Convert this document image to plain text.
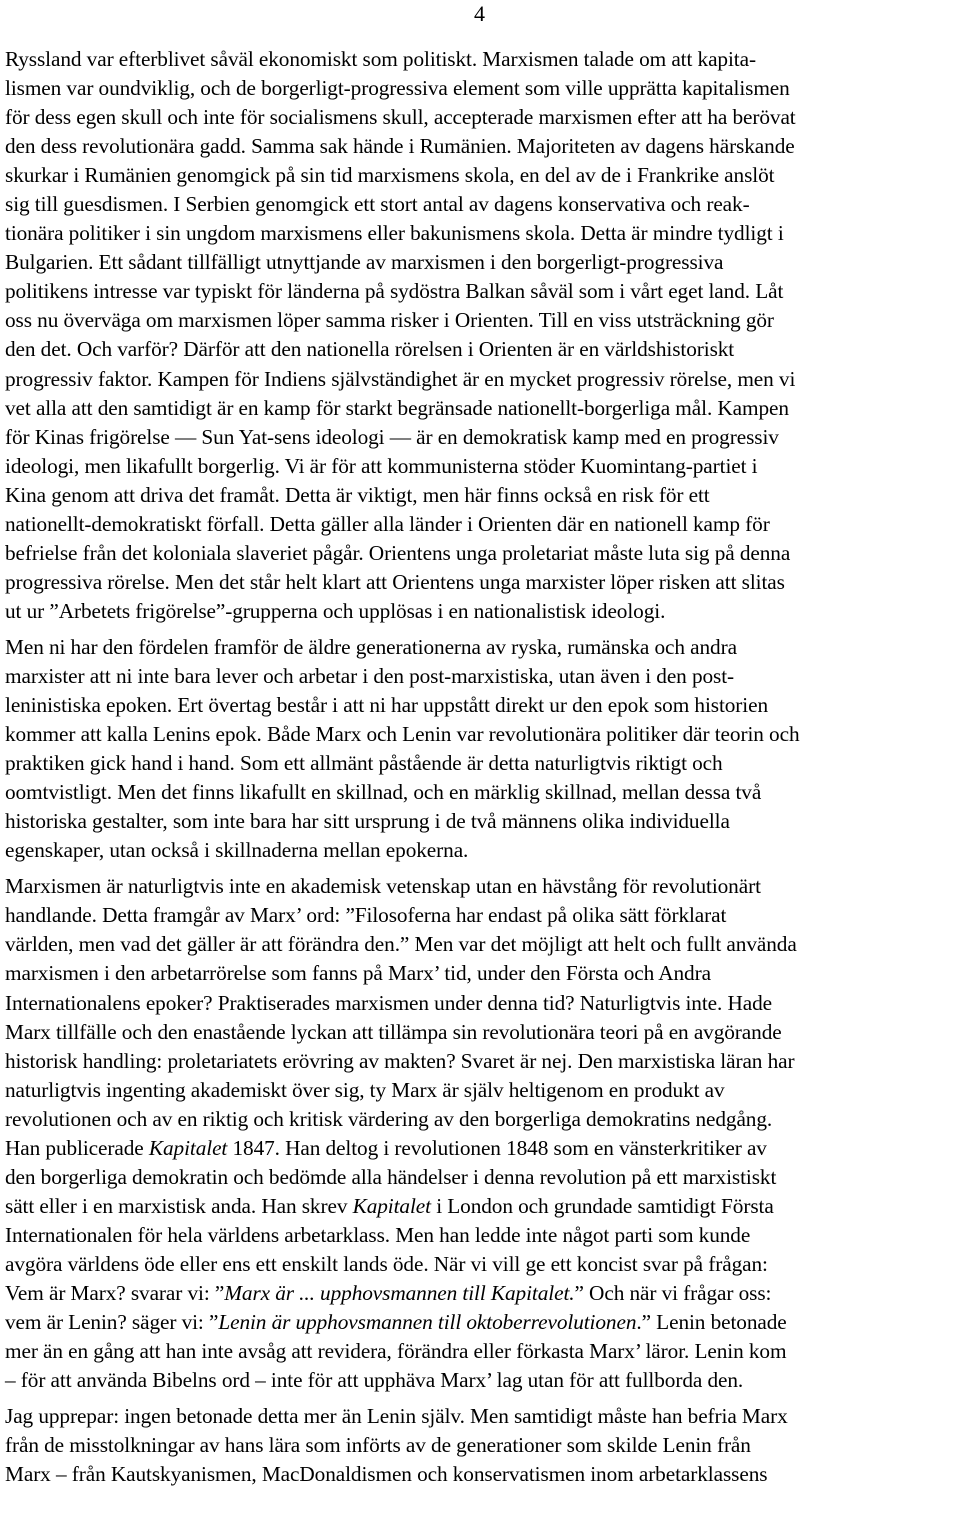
4

Ryssland var efterblivet såväl ekonomiskt som politiskt. Marxismen talade om att kapita-
lismen var oundviklig, och de borgerligt-progressiva element som ville upprätta kapitalismen
för dess egen skull och inte för socialismens skull, accepterade marxismen efter att ha berövat
den dess revolutionära gadd. Samma sak hände i Rumänien. Majoriteten av dagens härskande
skurkar i Rumänien genomgick på sin tid marxismens skola, en del av de i Frankrike anslöt
sig till guesdismen. I Serbien genomgick ett stort antal av dagens konservativa och reak-
tionära politiker i sin ungdom marxismens eller bakunismens skola. Detta är mindre tydligt i
Bulgarien. Ett sådant tillfälligt utnyttjande av marxismen i den borgerligt-progressiva
politikens intresse var typiskt för länderna på sydöstra Balkan såväl som i vårt eget land. Låt
oss nu överväga om marxismen löper samma risker i Orienten. Till en viss utsträckning gör
den det. Och varför? Därför att den nationella rörelsen i Orienten är en världshistoriskt
progressiv faktor. Kampen för Indiens självständighet är en mycket progressiv rörelse, men vi
vet alla att den samtidigt är en kamp för starkt begränsade nationellt-borgerliga mål. Kampen
för Kinas frigörelse — Sun Yat-sens ideologi — är en demokratisk kamp med en progressiv
ideologi, men likafullt borgerlig. Vi är för att kommunisterna stöder Kuomintang-partiet i
Kina genom att driva det framåt. Detta är viktigt, men här finns också en risk för ett
nationellt-demokratiskt förfall. Detta gäller alla länder i Orienten där en nationell kamp för
befrielse från det koloniala slaveriet pågår. Orientens unga proletariat måste luta sig på denna
progressiva rörelse. Men det står helt klart att Orientens unga marxister löper risken att slitas
ut ur ”Arbetets frigörelse”-grupperna och upplösas i en nationalistisk ideologi.

Men ni har den fördelen framför de äldre generationerna av ryska, rumänska och andra
marxister att ni inte bara lever och arbetar i den post-marxistiska, utan även i den post-
leninistiska epoken. Ert övertag består i att ni har uppstått direkt ur den epok som historien
kommer att kalla Lenins epok. Både Marx och Lenin var revolutionära politiker där teorin och
praktiken gick hand i hand. Som ett allmänt påstående är detta naturligtvis riktigt och
oomtvistligt. Men det finns likafullt en skillnad, och en märklig skillnad, mellan dessa två
historiska gestalter, som inte bara har sitt ursprung i de två männens olika individuella
egenskaper, utan också i skillnaderna mellan epokerna.

Marxismen är naturligtvis inte en akademisk vetenskap utan en hävstång för revolutionärt
handlande. Detta framgår av Marx’ ord: ”Filosoferna har endast på olika sätt förklarat
världen, men vad det gäller är att förändra den.” Men var det möjligt att helt och fullt använda
marxismen i den arbetarrörelse som fanns på Marx’ tid, under den Första och Andra
Internationalens epoker? Praktiserades marxismen under denna tid? Naturligtvis inte. Hade
Marx tillfälle och den enastående lyckan att tillämpa sin revolutionära teori på en avgörande
historisk handling: proletariatets erövring av makten? Svaret är nej. Den marxistiska läran har
naturligtvis ingenting akademiskt över sig, ty Marx är själv heltigenom en produkt av
revolutionen och av en riktig och kritisk värdering av den borgerliga demokratins nedgång.
Han publicerade Kapitalet 1847. Han deltog i revolutionen 1848 som en vänsterkritiker av
den borgerliga demokratin och bedömde alla händelser i denna revolution på ett marxistiskt
sätt eller i en marxistisk anda. Han skrev Kapitalet i London och grundade samtidigt Första
Internationalen för hela världens arbetarklass. Men han ledde inte något parti som kunde
avgöra världens öde eller ens ett enskilt lands öde. När vi vill ge ett koncist svar på frågan:
Vem är Marx? svarar vi: ”Marx är ... upphovsmannen till Kapitalet.” Och när vi frågar oss:
vem är Lenin? säger vi: ”Lenin är upphovsmannen till oktoberrevolutionen.” Lenin betonade
mer än en gång att han inte avsåg att revidera, förändra eller förkasta Marx’ läror. Lenin kom
– för att använda Bibelns ord – inte för att upphäva Marx’ lag utan för att fullborda den.

Jag upprepar: ingen betonade detta mer än Lenin själv. Men samtidigt måste han befria Marx
från de misstolkningar av hans lära som införts av de generationer som skilde Lenin från
Marx – från Kautskyanismen, MacDonaldismen och konservatismen inom arbetarklassens
